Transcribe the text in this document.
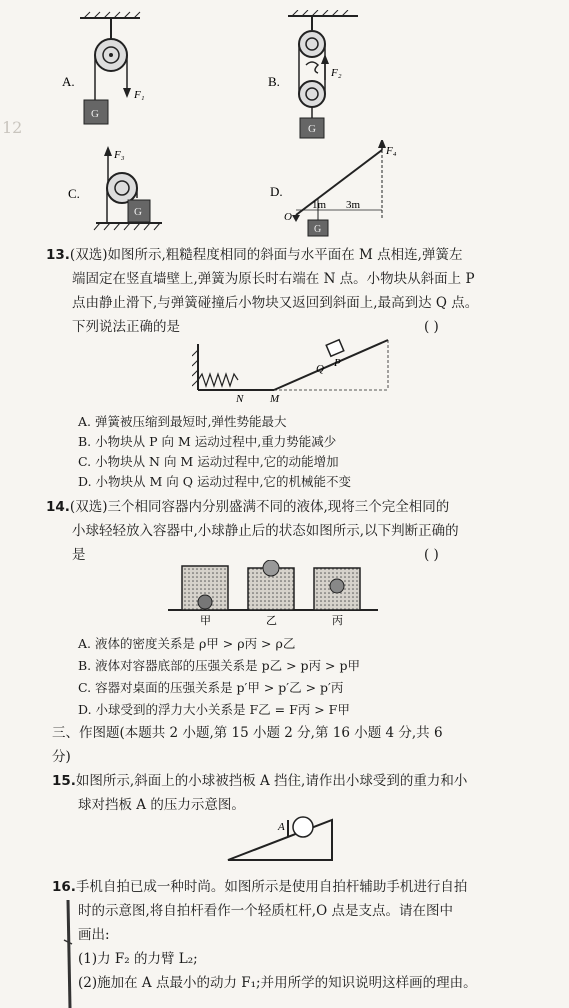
12
G
F₁
A.
G
F₂
B.
F₃
G
C.
F₄
O
G
1m 3m
D.
13.(双选)如图所示,粗糙程度相同的斜面与水平面在 M 点相连,弹簧左
端固定在竖直墙壁上,弹簧为原长时右端在 N 点。小物块从斜面上 P
点由静止滑下,与弹簧碰撞后小物块又返回到斜面上,最高到达 Q 点。
下列说法正确的是	( )
P
Q
N M
A. 弹簧被压缩到最短时,弹性势能最大
B. 小物块从 P 向 M 运动过程中,重力势能减少
C. 小物块从 N 向 M 运动过程中,它的动能增加
D. 小物块从 M 向 Q 运动过程中,它的机械能不变
14.(双选)三个相同容器内分别盛满不同的液体,现将三个完全相同的
小球轻轻放入容器中,小球静止后的状态如图所示,以下判断正确的
是	( )
甲	乙	丙
A. 液体的密度关系是 ρ甲 > ρ丙 > ρ乙
B. 液体对容器底部的压强关系是 p乙 > p丙 > p甲
C. 容器对桌面的压强关系是 p′甲 > p′乙 > p′丙
D. 小球受到的浮力大小关系是 F乙 = F丙 > F甲
三、作图题(本题共 2 小题,第 15 小题 2 分,第 16 小题 4 分,共 6
分)
15.如图所示,斜面上的小球被挡板 A 挡住,请作出小球受到的重力和小
球对挡板 A 的压力示意图。
A
16.手机自拍已成一种时尚。如图所示是使用自拍杆辅助手机进行自拍
时的示意图,将自拍杆看作一个轻质杠杆,O 点是支点。请在图中
画出:
(1)力 F₂ 的力臂 L₂;
(2)施加在 A 点最小的动力 F₁;并用所学的知识说明这样画的理由。
